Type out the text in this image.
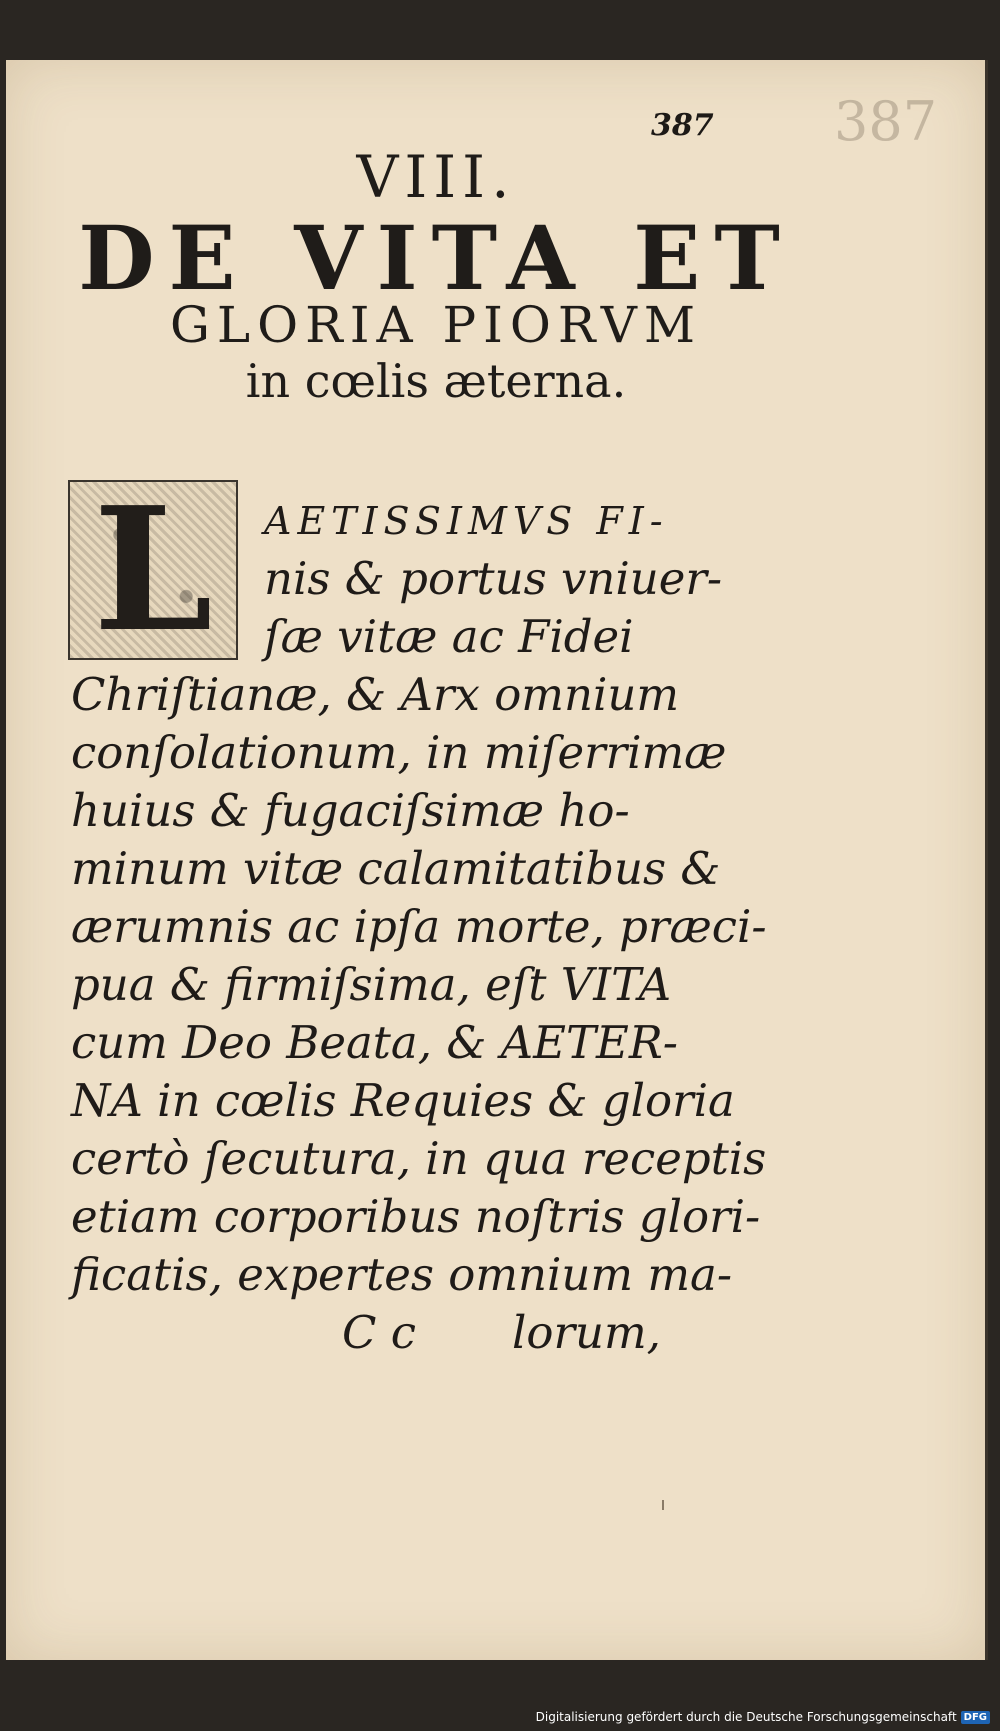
387 387
VIII.
DE VITA ET
GLORIA PIORVM
in cœlis æterna.
L	AETISSIMVS FI-
nis & portus vniuer-
ſæ vitæ ac Fidei
Chriſtianæ, & Arx omnium
conſolationum, in miſerrimæ
huius & fugaciſsimæ ho-
minum vitæ calamitatibus &
ærumnis ac ipſa morte, præci-
pua & firmiſsima, eſt VITA
cum Deo Beata, & AETER-
NA in cœlis Requies & gloria
certò ſecutura, in qua receptis
etiam corporibus noſtris glori-
ficatis, expertes omnium ma-
C c lorum,
Digitalisierung gefördert durch die Deutsche Forschungsgemeinschaft DFG
